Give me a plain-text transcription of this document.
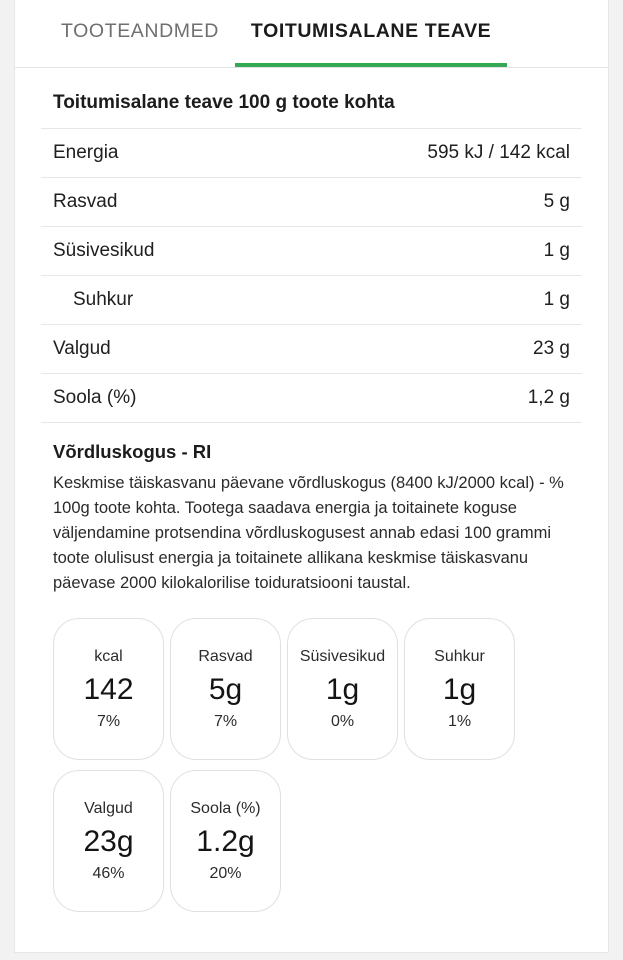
TOOTEANDMED TOITUMISALANE TEAVE
Toitumisalane teave 100 g toote kohta
Energia	595 kJ / 142 kcal
Rasvad	5 g
Süsivesikud	1 g
Suhkur	1 g
Valgud	23 g
Soola (%)	1,2 g
Võrdluskogus - RI

Keskmise täiskasvanu päevane võrdluskogus (8400 kJ/2000 kcal) - % 100g toote kohta. Tootega saadava energia ja toitainete koguse väljendamine protsendina võrdluskogusest annab edasi 100 grammi toote olulisust energia ja toitainete allikana keskmise täiskasvanu päevase 2000 kilokalorilise toiduratsiooni taustal.

kcal
142
7%
Rasvad
5g
7%
Süsivesikud
1g
0%
Suhkur
1g
1%
Valgud
23g
46%
Soola (%)
1.2g
20%
